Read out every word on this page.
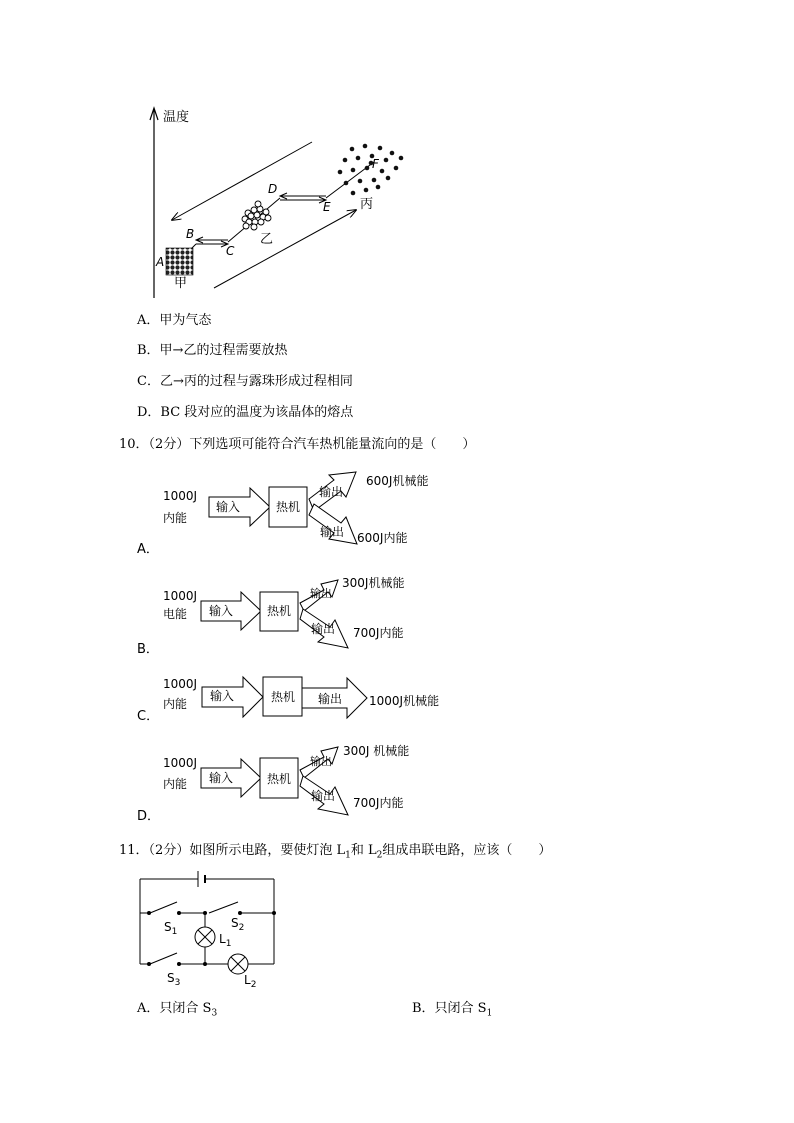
温度
A
B
C
D
E
F
甲
乙
丙
A．甲为气态
B．甲→乙的过程需要放热
C．乙→丙的过程与露珠形成过程相同
D．BC 段对应的温度为该晶体的熔点
10．（2分）下列选项可能符合汽车热机能量流向的是（　　）
1000J
内能
输入	热机
输出
输出
600J机械能
600J内能
A．
1000J
电能 输入	热机
输出
输出
300J机械能
700J内能
B．
1000J
内能
输入	热机 输出 1000J机械能
C．
1000J
内能 输入	热机
输出
输出
300J 机械能
700J内能
D．
11．（2分）如图所示电路，要使灯泡 $L_1$和 $L_2$组成串联电路，应该（　　）
$S_1$
$S_2$
$L_1$
$S_3$	$L_2$
A．只闭合 $S_3$	B．只闭合 $S_1$
